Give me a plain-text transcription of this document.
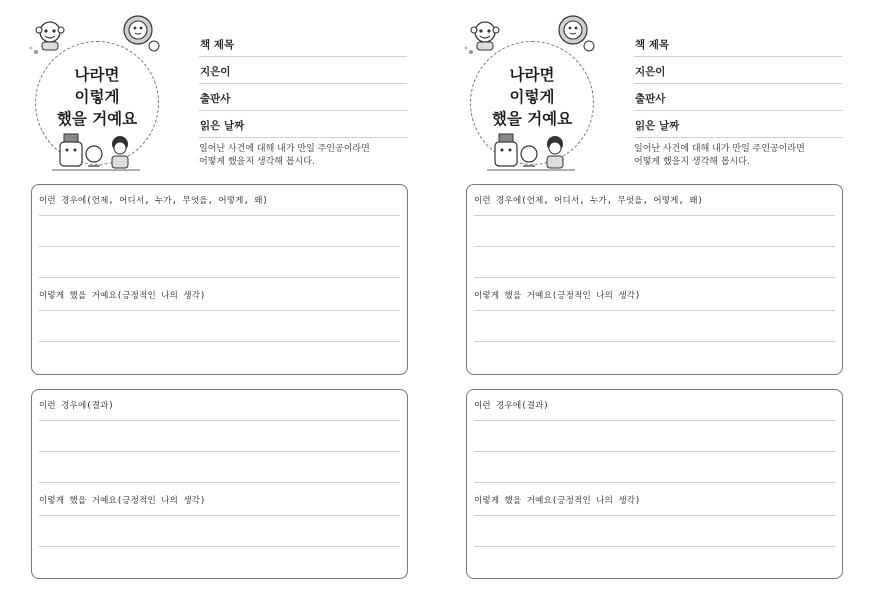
나라면
이렇게
했을 거예요
책 제목
지은이
출판사
읽은 날짜
일어난 사건에 대해 내가 만일 주인공이라면
어떻게 했을지 생각해 봅시다.
이런 경우에(언제, 어디서, 누가, 무엇을, 어떻게, 왜)
이렇게 했을 거예요(긍정적인 나의 생각)
이런 경우에(결과)
이렇게 했을 거예요(긍정적인 나의 생각)
나라면
이렇게
했을 거예요
책 제목
지은이
출판사
읽은 날짜
일어난 사건에 대해 내가 만일 주인공이라면
어떻게 했을지 생각해 봅시다.
이런 경우에(언제, 어디서, 누가, 무엇을, 어떻게, 왜)
이렇게 했을 거예요(긍정적인 나의 생각)
이런 경우에(결과)
이렇게 했을 거예요(긍정적인 나의 생각)
